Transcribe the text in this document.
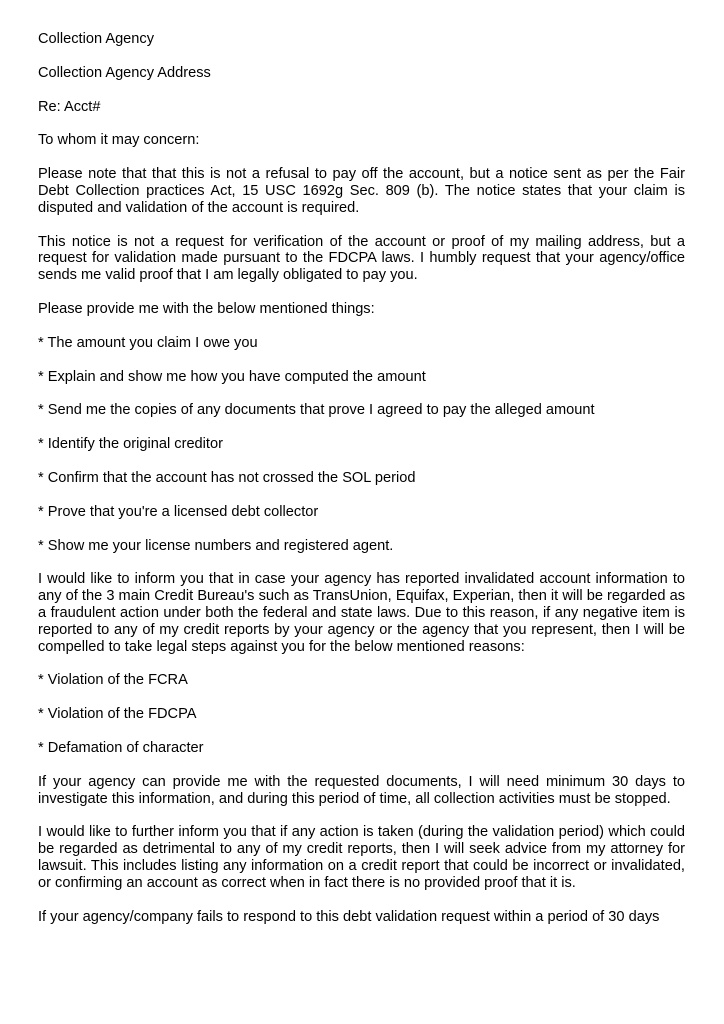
Collection Agency

Collection Agency Address

Re: Acct#

To whom it may concern:

Please note that that this is not a refusal to pay off the account, but a notice sent as per the Fair Debt Collection practices Act, 15 USC 1692g Sec. 809 (b). The notice states that your claim is disputed and validation of the account is required.

This notice is not a request for verification of the account or proof of my mailing address, but a request for validation made pursuant to the FDCPA laws. I humbly request that your agency/office sends me valid proof that I am legally obligated to pay you.

Please provide me with the below mentioned things:

* The amount you claim I owe you
* Explain and show me how you have computed the amount
* Send me the copies of any documents that prove I agreed to pay the alleged amount
* Identify the original creditor
* Confirm that the account has not crossed the SOL period
* Prove that you're a licensed debt collector
* Show me your license numbers and registered agent.

I would like to inform you that in case your agency has reported invalidated account information to any of the 3 main Credit Bureau's such as TransUnion, Equifax, Experian, then it will be regarded as a fraudulent action under both the federal and state laws. Due to this reason, if any negative item is reported to any of my credit reports by your agency or the agency that you represent, then I will be compelled to take legal steps against you for the below mentioned reasons:

* Violation of the FCRA
* Violation of the FDCPA
* Defamation of character

If your agency can provide me with the requested documents, I will need minimum 30 days to investigate this information, and during this period of time, all collection activities must be stopped.

I would like to further inform you that if any action is taken (during the validation period) which could be regarded as detrimental to any of my credit reports, then I will seek advice from my attorney for lawsuit. This includes listing any information on a credit report that could be incorrect or invalidated, or confirming an account as correct when in fact there is no provided proof that it is.

If your agency/company fails to respond to this debt validation request within a period of 30 days
